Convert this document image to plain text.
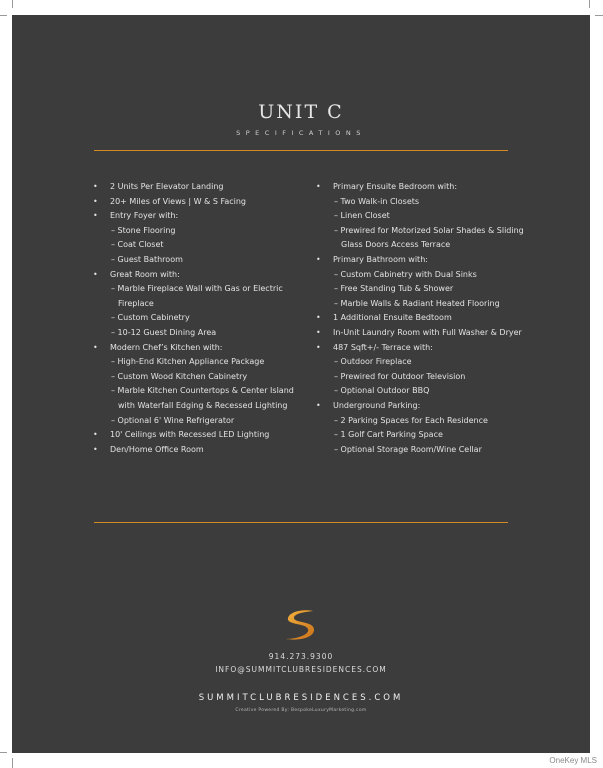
UNIT C
SPECIFICATIONS
• 2 Units Per Elevator Landing
• 20+ Miles of Views | W & S Facing
• Entry Foyer with:
– Stone Flooring
– Coat Closet
– Guest Bathroom
• Great Room with:
– Marble Fireplace Wall with Gas or Electric Fireplace
– Custom Cabinetry
– 10-12 Guest Dining Area
• Modern Chef’s Kitchen with:
– High-End Kitchen Appliance Package
– Custom Wood Kitchen Cabinetry
– Marble Kitchen Countertops & Center Island with Waterfall Edging & Recessed Lighting
– Optional 6' Wine Refrigerator
• 10' Ceilings with Recessed LED Lighting
• Den/Home Office Room
• Primary Ensuite Bedroom with:
– Two Walk-in Closets
– Linen Closet
– Prewired for Motorized Solar Shades & Sliding Glass Doors Access Terrace
• Primary Bathroom with:
– Custom Cabinetry with Dual Sinks
– Free Standing Tub & Shower
– Marble Walls & Radiant Heated Flooring
• 1 Additional Ensuite Bedtoom
• In-Unit Laundry Room with Full Washer & Dryer
• 487 Sqft+/- Terrace with:
– Outdoor Fireplace
– Prewired for Outdoor Television
– Optional Outdoor BBQ
• Underground Parking:
– 2 Parking Spaces for Each Residence
– 1 Golf Cart Parking Space
– Optional Storage Room/Wine Cellar
914.273.9300
INFO@SUMMITCLUBRESIDENCES.COM
SUMMITCLUBRESIDENCES.COM
Creative Powered By: BespokeLuxuryMarketing.com
OneKey MLS
